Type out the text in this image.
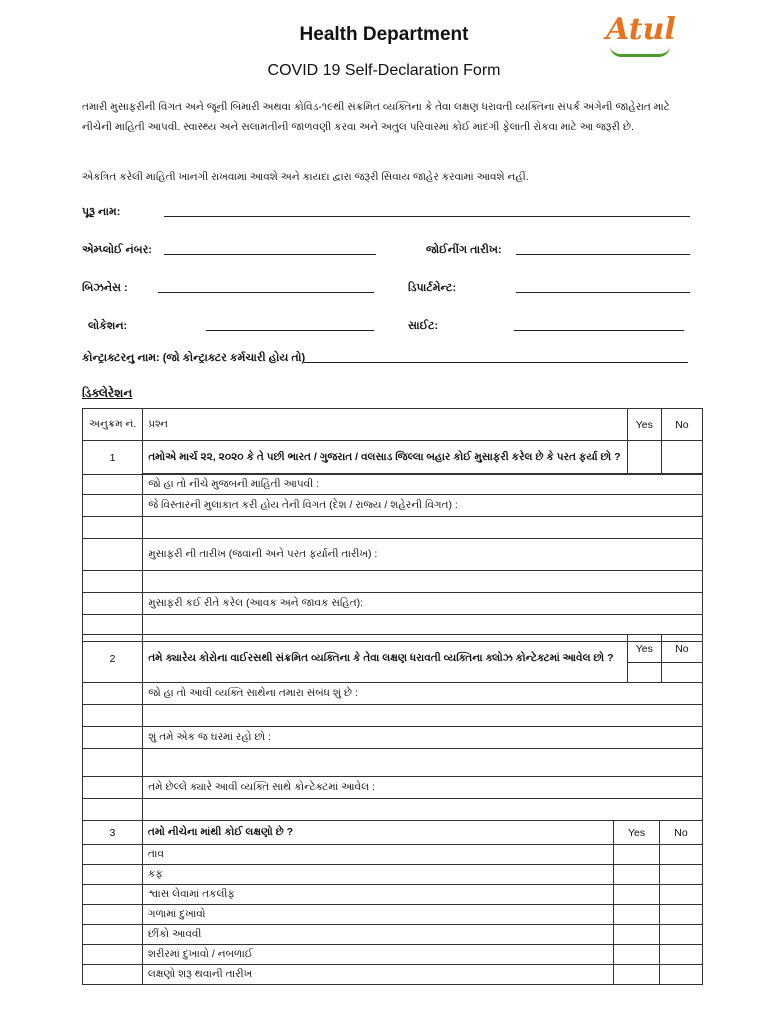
Atul
Health Department
COVID 19 Self-Declaration Form
તમારી મુસાફરીની વિગત અને જૂની બિમારી અથવા કોવિડ-૧૯થી સંક્રમિત વ્યક્તિના કે તેવા લક્ષણ ધરાવતી વ્યક્તિના સંપર્ક અંગેની જાહેરાત માટે નીચેની માહિતી આપવી. સ્વાસ્થ્ય અને સલામતીની જાળવણી કરવા અને અતુલ પરિવારમાં કોઈ માંદગી ફેલાતી રોકવા માટે આ જરૂરી છે.
એકત્રિત કરેલી માહિતી ખાનગી રાખવામાં આવશે અને કાયદા દ્વારા જરૂરી સિવાય જાહેર કરવામાં આવશે નહીં.
પૂરૂ નામ:
એમ્પ્લોઈ નંબર:	જોઈનીંગ તારીખ:
બિઝનેસ :	ડિપાર્ટમેન્ટ:
લોકેશન:	સાઈટ:
કોન્ટ્રાક્ટરનુ નામ: (જો કોન્ટ્રાક્ટર કર્મચારી હોય તો)
ડિક્લેરેશન
અનુક્રમ નં.	પ્રશ્ન	Yes	No
1	તમોએ માર્ચ ૨૨, ૨૦૨૦ કે તે પછી ભારત / ગુજરાત / વલસાડ જિલ્લા બહાર કોઈ મુસાફરી કરેલ છે કે પરત ફર્યા છો ?		

	જો હા તો નીચે મુજબની માહિતી આપવી :		
	જે વિસ્તારની મુલાકાત કરી હોય તેની વિગત (દેશ / રાજ્ય / શહેરની વિગત) :		

	મુસાફરી ની તારીખ (જવાની અને પરત ફર્યાની તારીખ) :		

	મુસાફરી કઈ રીતે કરેલ (આવક અને જાવક સહિત):		

2	તમે ક્યારેય કોરોના વાઈરસથી સંક્રમિત વ્યક્તિના કે તેવા લક્ષણ ધરાવતી વ્યક્તિના ક્લોઝ કોન્ટેક્ટમાં આવેલ છો ?	Yes	No

	જો હા તો આવી વ્યક્તિ સાથેના તમારા સંબંધ શું છે :		

	શું તમે એક જ ઘરમાં રહો છો :		

	તમે છેલ્લે ક્યારે આવી વ્યક્તિ સાથે કોન્ટેક્ટમાં આવેલ :		

3	તમો નીચેના માંથી કોઈ લક્ષણો છે ?	Yes	No
	તાવ		
	કફ		
	શ્વાસ લેવામાં તકલીફ		
	ગળામાં દુખાવો		
	છીંકો આવવી		
	શરીરમાં દુખાવો / નબળાઈ		
	લક્ષણો શરૂ થવાની તારીખ		
